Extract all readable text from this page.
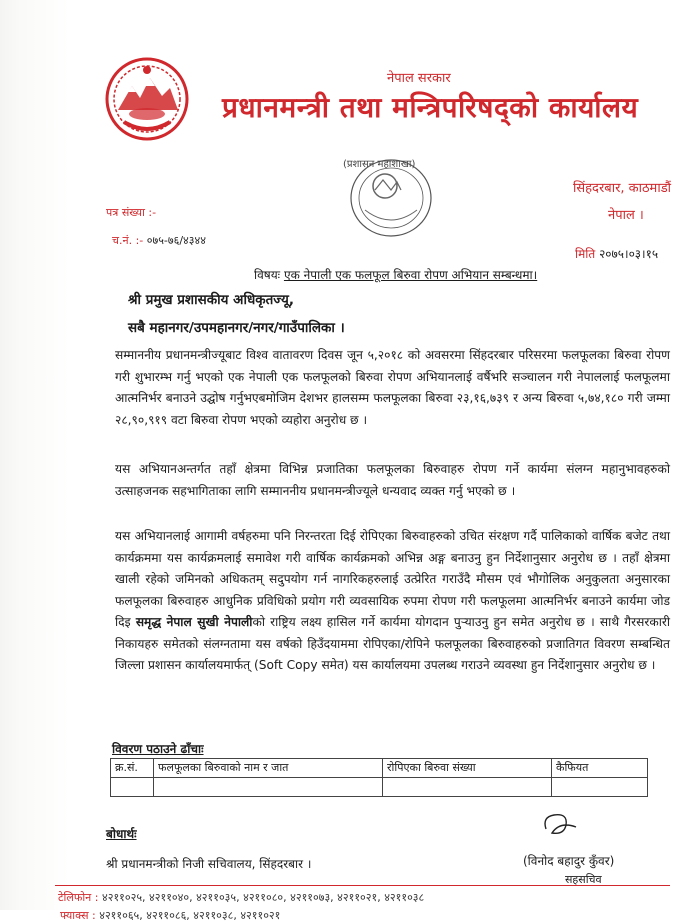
नेपाल सरकार
प्रधानमन्त्री तथा मन्त्रिपरिषद्को कार्यालय
(प्रशासन महाशाखा)
सिंहदरबार, काठमाडौं
नेपाल ।
पत्र संख्या :-
च.नं. :- ०७५-७६/४३४४
मिति २०७५।०३।१५
विषयः एक नेपाली एक फलफूल बिरुवा रोपण अभियान सम्बन्धमा।
श्री प्रमुख प्रशासकीय अधिकृतज्यू,
सबै महानगर/उपमहानगर/नगर/गाउँपालिका ।
सम्माननीय प्रधानमन्त्रीज्यूबाट विश्व वातावरण दिवस जून ५,२०१८ को अवसरमा सिंहदरबार परिसरमा फलफूलका बिरुवा रोपण गरी शुभारम्भ गर्नु भएको एक नेपाली एक फलफूलको बिरुवा रोपण अभियानलाई वर्षैभरि सञ्चालन गरी नेपाललाई फलफूलमा आत्मनिर्भर बनाउने उद्घोष गर्नुभएबमोजिम देशभर हालसम्म फलफूलका बिरुवा २३,१६,७३९ र अन्य बिरुवा ५,७४,१८० गरी जम्मा २८,९०,९१९ वटा बिरुवा रोपण भएको व्यहोरा अनुरोध छ ।
यस अभियानअन्तर्गत तहाँ क्षेत्रमा विभिन्न प्रजातिका फलफूलका बिरुवाहरु रोपण गर्ने कार्यमा संलग्न महानुभावहरुको उत्साहजनक सहभागिताका लागि सम्माननीय प्रधानमन्त्रीज्यूले धन्यवाद व्यक्त गर्नु भएको छ ।
यस अभियानलाई आगामी वर्षहरुमा पनि निरन्तरता दिई रोपिएका बिरुवाहरुको उचित संरक्षण गर्दै पालिकाको वार्षिक बजेट तथा कार्यक्रममा यस कार्यक्रमलाई समावेश गरी वार्षिक कार्यक्रमको अभिन्न अङ्ग बनाउनु हुन निर्देशानुसार अनुरोध छ । तहाँ क्षेत्रमा खाली रहेको जमिनको अधिकतम् सदुपयोग गर्न नागरिकहरुलाई उत्प्रेरित गराउँदै मौसम एवं भौगोलिक अनुकुलता अनुसारका फलफूलका बिरुवाहरु आधुनिक प्रविधिको प्रयोग गरी व्यवसायिक रुपमा रोपण गरी फलफूलमा आत्मनिर्भर बनाउने कार्यमा जोड दिइ समृद्ध नेपाल सुखी नेपालीको राष्ट्रिय लक्ष्य हासिल गर्ने कार्यमा योगदान पुर्‍याउनु हुन समेत अनुरोध छ । साथै गैरसरकारी निकायहरु समेतको संलग्नतामा यस वर्षको हिउँदयाममा रोपिएका/रोपिने फलफूलका बिरुवाहरुको प्रजातिगत विवरण सम्बन्धित जिल्ला प्रशासन कार्यालयमार्फत् (Soft Copy समेत) यस कार्यालयमा उपलब्ध गराउने व्यवस्था हुन निर्देशानुसार अनुरोध छ ।
विवरण पठाउने ढाँचाः
क्र.सं.	फलफूलका बिरुवाको नाम र जात	रोपिएका बिरुवा संख्या	कैफियत

बोधार्थः
श्री प्रधानमन्त्रीको निजी सचिवालय, सिंहदरबार ।	(विनोद बहादुर कुँवर)
सहसचिव
टेलिफोन : ४२११०२५, ४२११०४०, ४२११०३५, ४२११०८०, ४२११०७३, ४२११०२१, ४२११०३८
फ्याक्स : ४२११०६५, ४२११०८६, ४२११०३८, ४२११०२१
